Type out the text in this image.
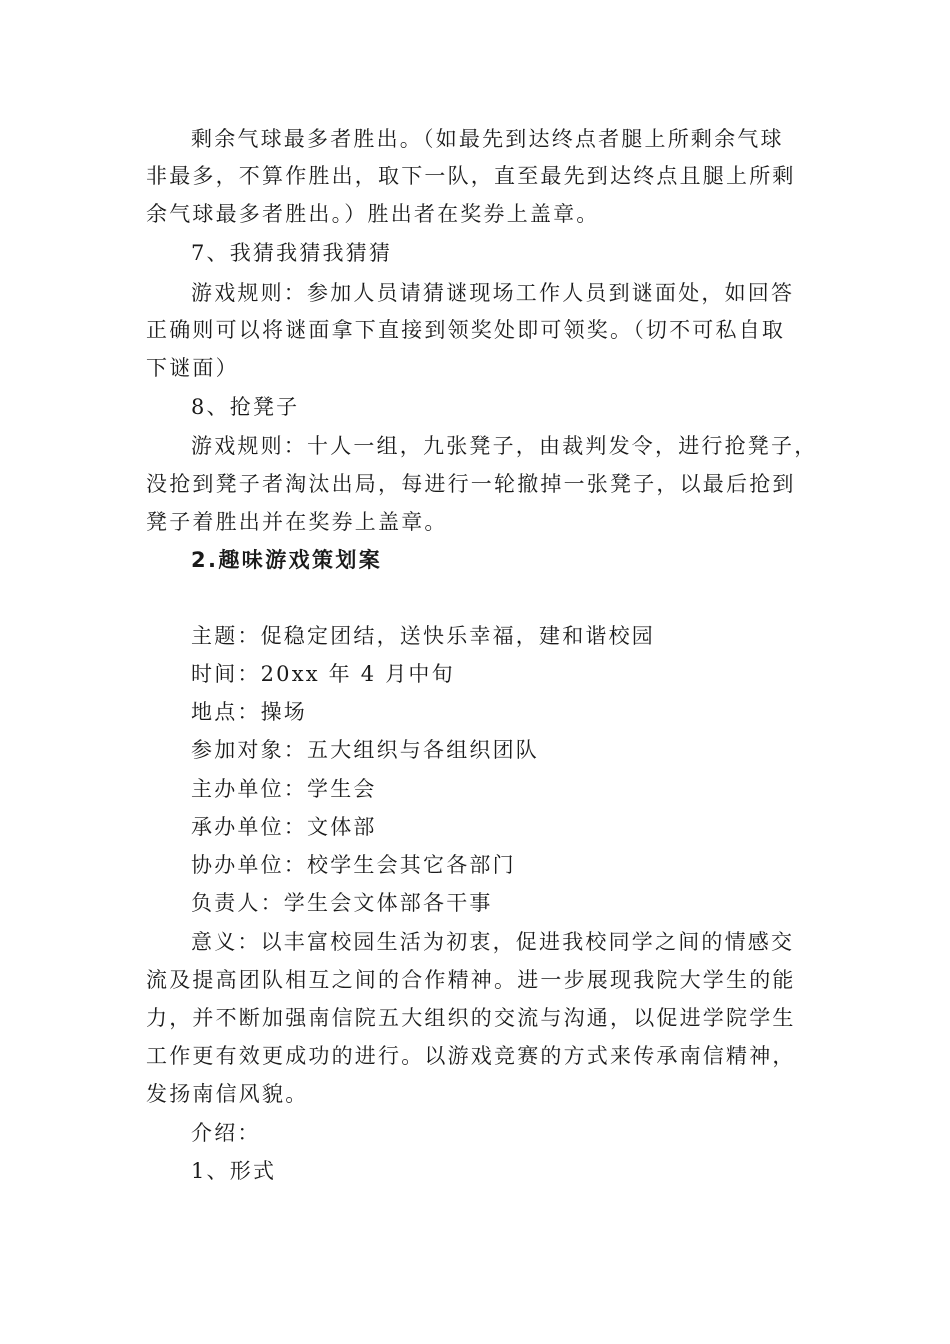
剩余气球最多者胜出。（如最先到达终点者腿上所剩余气球
非最多，不算作胜出，取下一队，直至最先到达终点且腿上所剩
余气球最多者胜出。）胜出者在奖券上盖章。
7、我猜我猜我猜猜
游戏规则：参加人员请猜谜现场工作人员到谜面处，如回答
正确则可以将谜面拿下直接到领奖处即可领奖。（切不可私自取
下谜面）
8、抢凳子
游戏规则：十人一组，九张凳子，由裁判发令，进行抢凳子，
没抢到凳子者淘汰出局，每进行一轮撤掉一张凳子，以最后抢到
凳子着胜出并在奖券上盖章。
2.趣味游戏策划案
主题：促稳定团结，送快乐幸福，建和谐校园
时间：20xx 年 4 月中旬
地点：操场
参加对象：五大组织与各组织团队
主办单位：学生会
承办单位：文体部
协办单位：校学生会其它各部门
负责人：学生会文体部各干事
意义：以丰富校园生活为初衷，促进我校同学之间的情感交
流及提高团队相互之间的合作精神。进一步展现我院大学生的能
力，并不断加强南信院五大组织的交流与沟通，以促进学院学生
工作更有效更成功的进行。以游戏竞赛的方式来传承南信精神，
发扬南信风貌。
介绍：
1、形式
